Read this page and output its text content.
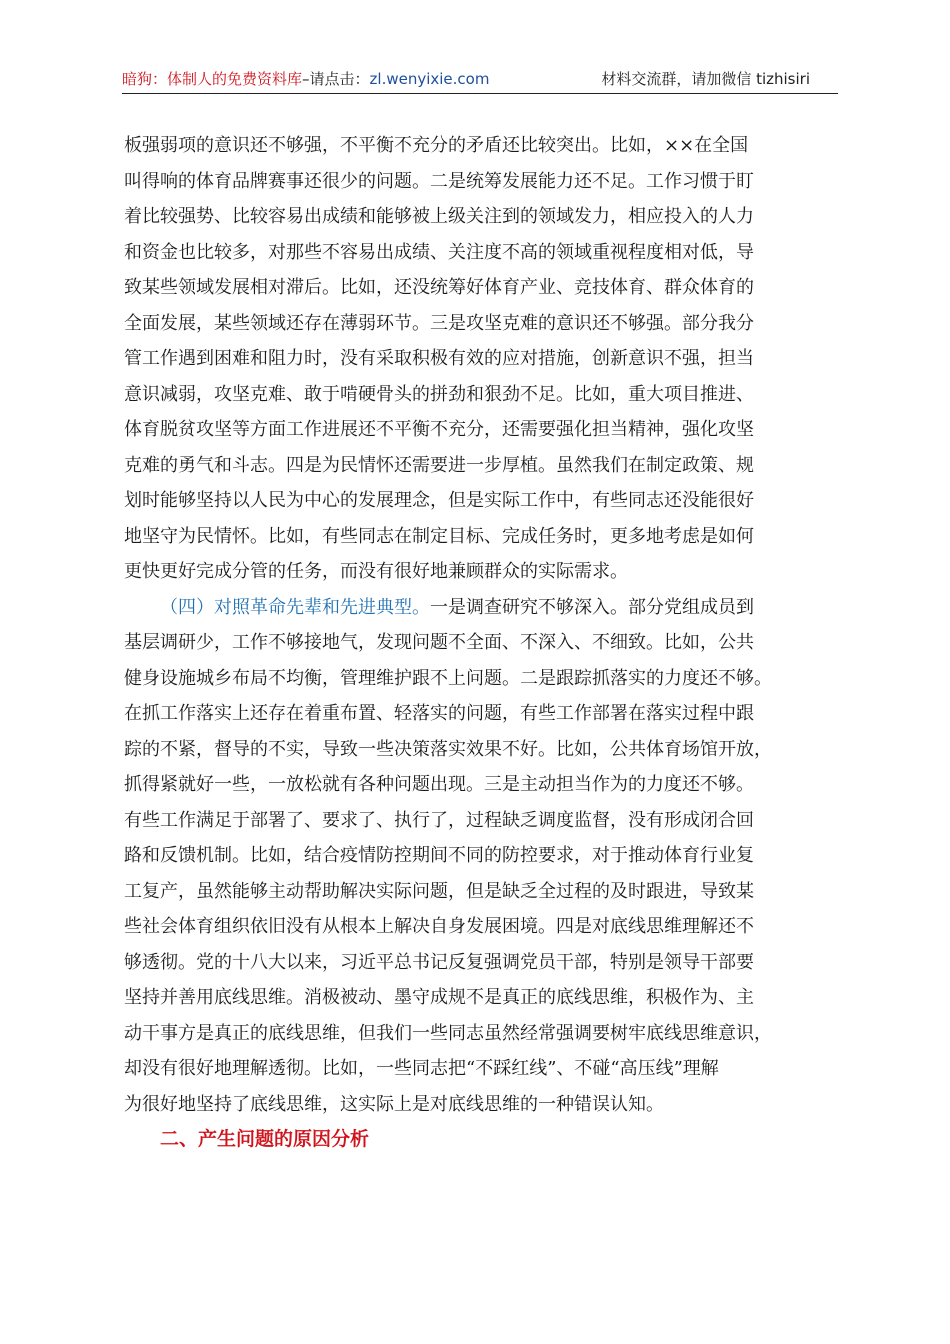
暗狗：体制人的免费资料库–请点击：zl.wenyixie.com	材料交流群，请加微信 tizhisiri
板强弱项的意识还不够强，不平衡不充分的矛盾还比较突出。比如，××在全国
叫得响的体育品牌赛事还很少的问题。二是统筹发展能力还不足。工作习惯于盯
着比较强势、比较容易出成绩和能够被上级关注到的领域发力，相应投入的人力
和资金也比较多，对那些不容易出成绩、关注度不高的领域重视程度相对低，导
致某些领域发展相对滞后。比如，还没统筹好体育产业、竞技体育、群众体育的
全面发展，某些领域还存在薄弱环节。三是攻坚克难的意识还不够强。部分我分
管工作遇到困难和阻力时，没有采取积极有效的应对措施，创新意识不强，担当
意识减弱，攻坚克难、敢于啃硬骨头的拼劲和狠劲不足。比如，重大项目推进、
体育脱贫攻坚等方面工作进展还不平衡不充分，还需要强化担当精神，强化攻坚
克难的勇气和斗志。四是为民情怀还需要进一步厚植。虽然我们在制定政策、规
划时能够坚持以人民为中心的发展理念，但是实际工作中，有些同志还没能很好
地坚守为民情怀。比如，有些同志在制定目标、完成任务时，更多地考虑是如何
更快更好完成分管的任务，而没有很好地兼顾群众的实际需求。
（四）对照革命先辈和先进典型。一是调查研究不够深入。部分党组成员到
基层调研少，工作不够接地气，发现问题不全面、不深入、不细致。比如，公共
健身设施城乡布局不均衡，管理维护跟不上问题。二是跟踪抓落实的力度还不够。
在抓工作落实上还存在着重布置、轻落实的问题，有些工作部署在落实过程中跟
踪的不紧，督导的不实，导致一些决策落实效果不好。比如，公共体育场馆开放，
抓得紧就好一些，一放松就有各种问题出现。三是主动担当作为的力度还不够。
有些工作满足于部署了、要求了、执行了，过程缺乏调度监督，没有形成闭合回
路和反馈机制。比如，结合疫情防控期间不同的防控要求，对于推动体育行业复
工复产，虽然能够主动帮助解决实际问题，但是缺乏全过程的及时跟进，导致某
些社会体育组织依旧没有从根本上解决自身发展困境。四是对底线思维理解还不
够透彻。党的十八大以来，习近平总书记反复强调党员干部，特别是领导干部要
坚持并善用底线思维。消极被动、墨守成规不是真正的底线思维，积极作为、主
动干事方是真正的底线思维，但我们一些同志虽然经常强调要树牢底线思维意识，
却没有很好地理解透彻。比如，一些同志把“不踩红线”、不碰“高压线”理解
为很好地坚持了底线思维，这实际上是对底线思维的一种错误认知。
二、产生问题的原因分析
